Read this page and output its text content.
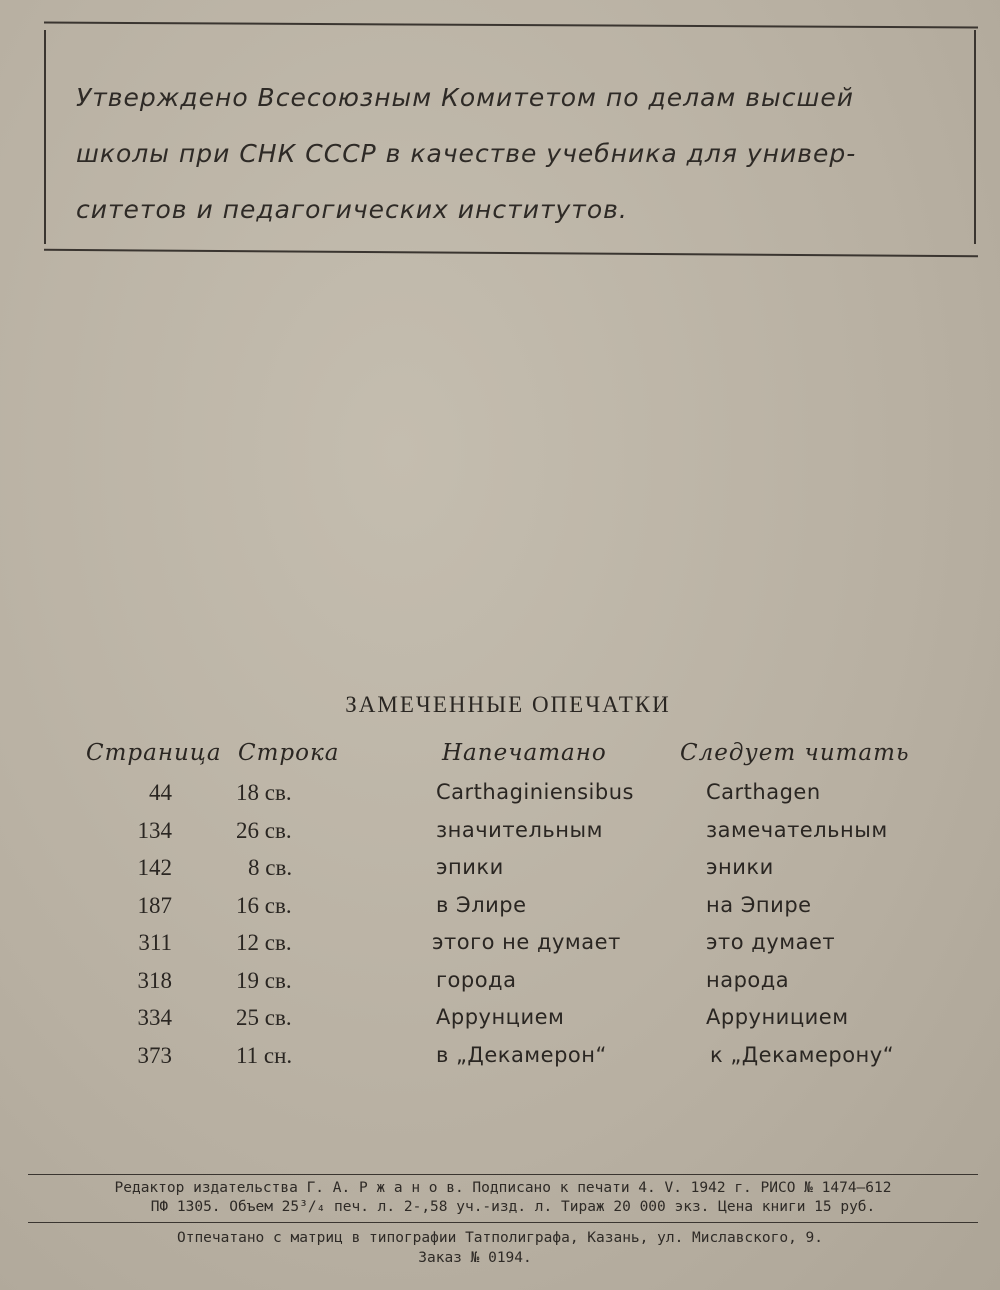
Утверждено Всесоюзным Комитетом по делам высшей
школы при СНК СССР в качестве учебника для универ-
ситетов и педагогических институтов.
ЗАМЕЧЕННЫЕ ОПЕЧАТКИ
Страница Строка	Напечатано	Следует читать
44	18 св.	Carthaginiensibus	Carthagen
134	26 св.	значительным	замечательным
142	8 св.	эпики	эники
187	16 св.	в Элире	на Эпире
311	12 св.	этого не думает	это думает
318	19 св.	города	народа
334	25 св.	Аррунцием	Арруницием
373	11 сн.	в „Декамерон“	к „Декамерону“
Редактор издательства Г. А. Р ж а н о в. Подписано к печати 4. V. 1942 г. РИСО № 1474–612
ПФ 1305. Объем 25³/₄ печ. л. 2-,58 уч.-изд. л. Тираж 20 000 экз. Цена книги 15 руб.
Отпечатано с матриц в типографии Татполиграфа, Казань, ул. Миславского, 9.
Заказ № 0194.
